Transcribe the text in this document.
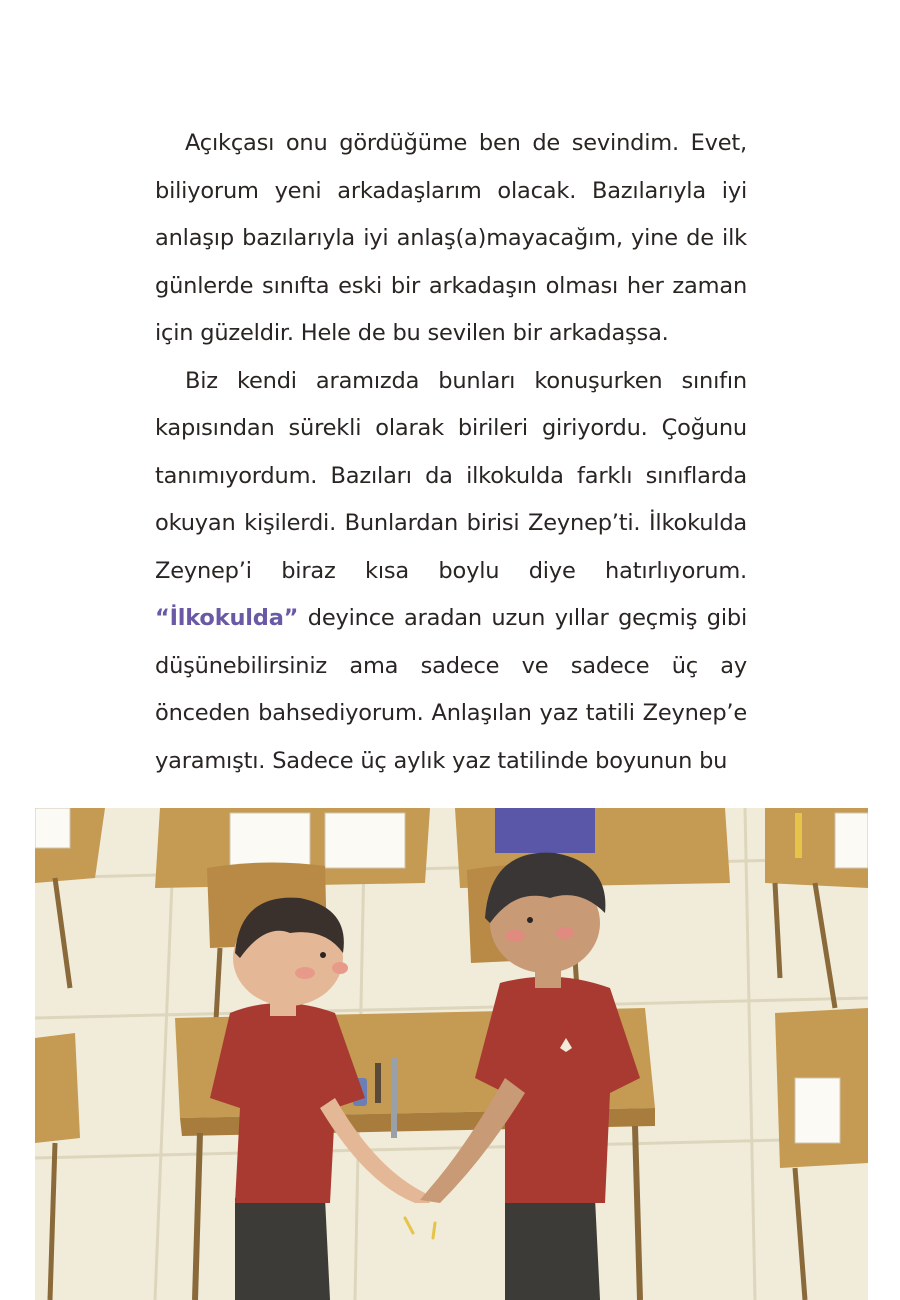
Açıkçası onu gördüğüme ben de sevindim. Evet, biliyorum yeni arkadaşlarım olacak. Bazılarıyla iyi anlaşıp bazılarıyla iyi anlaş(a)mayacağım, yine de ilk günlerde sınıfta eski bir arkadaşın olması her zaman için güzeldir. Hele de bu sevilen bir arkadaşsa.

Biz kendi aramızda bunları konuşurken sınıfın kapısından sürekli olarak birileri giriyordu. Çoğunu tanımıyordum. Bazıları da ilkokulda farklı sınıflarda okuyan kişilerdi. Bunlardan birisi Zeynep’ti. İlkokulda Zeynep’i biraz kısa boylu diye hatırlıyorum. “İlkokulda” deyince aradan uzun yıllar geçmiş gibi düşünebilirsiniz ama sadece ve sadece üç ay önceden bahsediyorum. Anlaşılan yaz tatili Zeynep’e yaramıştı. Sadece üç aylık yaz tatilinde boyunun bu
